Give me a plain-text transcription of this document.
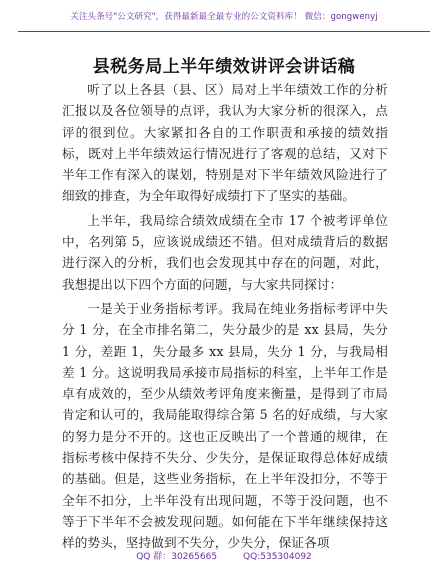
关注头条号"公文研究"，获得最新最全最专业的公文资料库！ 微信：gongwenyj
县税务局上半年绩效讲评会讲话稿

听了以上各县（县、区）局对上半年绩效工作的分析汇报以及各位领导的点评，我认为大家分析的很深入，点评的很到位。大家紧扣各自的工作职责和承接的绩效指标，既对上半年绩效运行情况进行了客观的总结，又对下半年工作有深入的谋划，特别是对下半年绩效风险进行了细致的排查，为全年取得好成绩打下了坚实的基础。

上半年，我局综合绩效成绩在全市 17 个被考评单位中，名列第 5，应该说成绩还不错。但对成绩背后的数据进行深入的分析，我们也会发现其中存在的问题，对此，我想提出以下四个方面的问题，与大家共同探讨：

一是关于业务指标考评。我局在纯业务指标考评中失分 1 分，在全市排名第二，失分最少的是 xx 县局，失分 1 分，差距 1，失分最多 xx 县局，失分 1 分，与我局相差 1 分。这说明我局承接市局指标的科室，上半年工作是卓有成效的，至少从绩效考评角度来衡量，是得到了市局肯定和认可的，我局能取得综合第 5 名的好成绩，与大家的努力是分不开的。这也正反映出了一个普通的规律，在指标考核中保持不失分、少失分，是保证取得总体好成绩的基础。但是，这些业务指标，在上半年没扣分，不等于全年不扣分，上半年没有出现问题，不等于没问题，也不等于下半年不会被发现问题。如何能在下半年继续保持这样的势头，坚持做到不失分，少失分，保证各项

QQ 群：30265665	QQ:535304092
